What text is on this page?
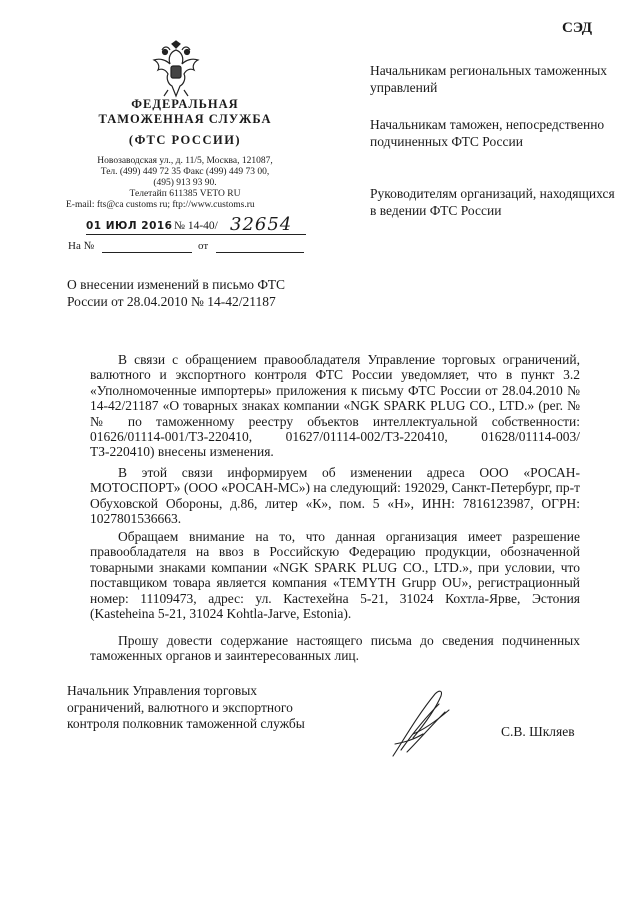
СЭД
ФЕДЕРАЛЬНАЯ
ТАМОЖЕННАЯ СЛУЖБА
(ФТС РОССИИ)
Новозаводская ул., д. 11/5, Москва, 121087,
Тел. (499) 449 72 35 Факс (499) 449 73 00,
(495) 913 93 90.
Телетайп 611385 VETO RU
E-mail: fts@ca customs ru; ftp://www.customs.ru
01 ИЮЛ 2016 № 14-40/ 32654
На №	от
Начальникам региональных таможенных управлений
Начальникам таможен, непосредственно подчиненных ФТС России
Руководителям организаций, находящихся в ведении ФТС России
О внесении изменений в письмо ФТС России от 28.04.2010 № 14-42/21187

В связи с обращением правообладателя Управление торговых ограничений, валютного и экспортного контроля ФТС России уведомляет, что в пункт 3.2 «Уполномоченные импортеры» приложения к письму ФТС России от 28.04.2010 № 14-42/21187 «О товарных знаках компании «NGK SPARK PLUG CO., LTD.» (рег. №№ по таможенному реестру объектов интеллектуальной собственности: 01626/01114-001/ТЗ-220410, 01627/01114-002/ТЗ-220410, 01628/01114-003/ТЗ-220410) внесены изменения.

В этой связи информируем об изменении адреса ООО «РОСАН-МОТОСПОРТ» (ООО «РОСАН-МС») на следующий: 192029, Санкт-Петербург, пр-т Обуховской Обороны, д.86, литер «К», пом. 5 «Н», ИНН: 7816123987, ОГРН: 1027801536663.

Обращаем внимание на то, что данная организация имеет разрешение правообладателя на ввоз в Российскую Федерацию продукции, обозначенной товарными знаками компании «NGK SPARK PLUG CO., LTD.», при условии, что поставщиком товара является компания «TEMYTH Grupp OU», регистрационный номер: 11109473, адрес: ул. Кастехейна 5-21, 31024 Кохтла-Ярве, Эстония (Kasteheina 5-21, 31024 Kohtla-Jarve, Estonia).

Прошу довести содержание настоящего письма до сведения подчиненных таможенных органов и заинтересованных лиц.

Начальник Управления торговых ограничений, валютного и экспортного контроля полковник таможенной службы
С.В. Шкляев
